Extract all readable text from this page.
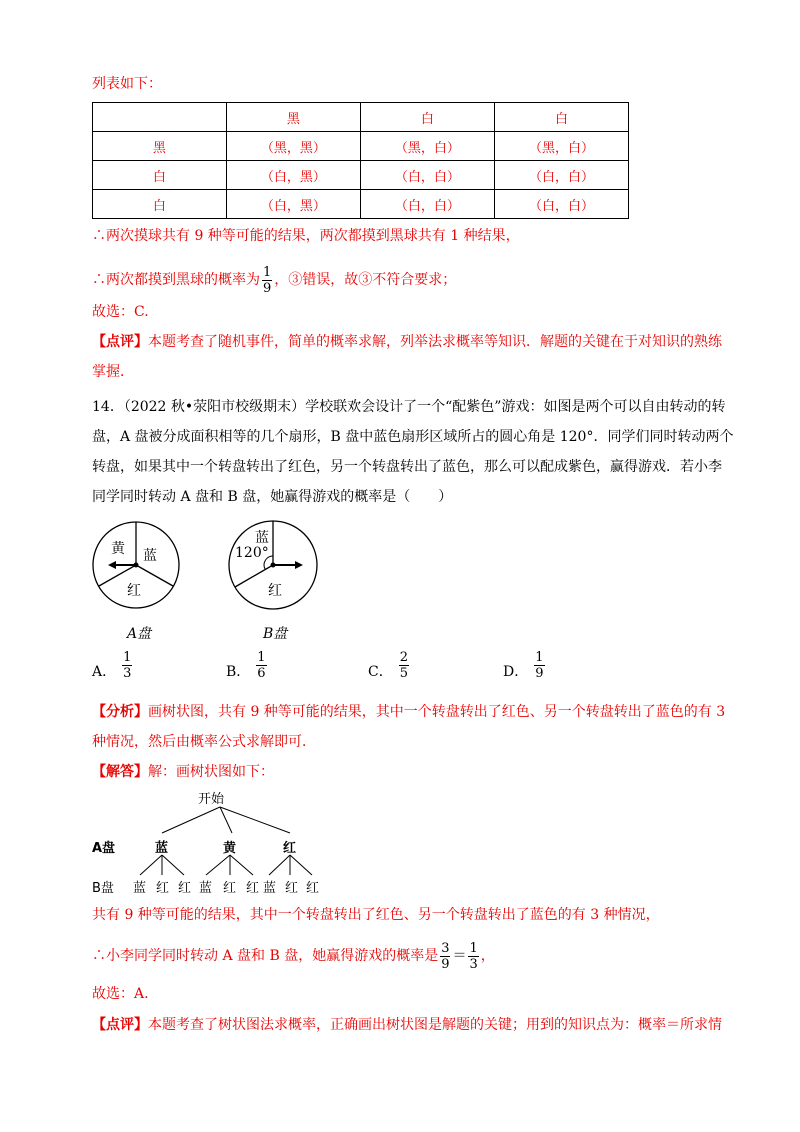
列表如下：
	黑	白	白
黑	（黑，黑）	（黑，白）	（黑，白）
白	（白，黑）	（白，白）	（白，白）
白	（白，黑）	（白，白）	（白，白）
∴两次摸球共有 9 种等可能的结果，两次都摸到黑球共有 1 种结果，
∴两次都摸到黑球的概率为 $\frac{1}{9}$ ，③错误，故③不符合要求；
故选：C.
【点评】本题考查了随机事件，简单的概率求解，列举法求概率等知识．解题的关键在于对知识的熟练
掌握．
14．（2022 秋•荥阳市校级期末）学校联欢会设计了一个“配紫色”游戏：如图是两个可以自由转动的转
盘，A 盘被分成面积相等的几个扇形，B 盘中蓝色扇形区域所占的圆心角是 120°．同学们同时转动两个
转盘，如果其中一个转盘转出了红色，另一个转盘转出了蓝色，那么可以配成紫色，赢得游戏．若小李
同学同时转动 A 盘和 B 盘，她赢得游戏的概率是（　　）
黄 蓝
红
A盘
蓝
120°
红
B盘
A． $\frac{1}{3}$	B． $\frac{1}{6}$	C． $\frac{2}{5}$	D． $\frac{1}{9}$
【分析】画树状图，共有 9 种等可能的结果，其中一个转盘转出了红色、另一个转盘转出了蓝色的有 3
种情况，然后由概率公式求解即可．
【解答】解：画树状图如下：
开始
A盘	蓝	黄	红
B盘 蓝 红 红 蓝 红 红 蓝 红 红
共有 9 种等可能的结果，其中一个转盘转出了红色、另一个转盘转出了蓝色的有 3 种情况，
∴小李同学同时转动 A 盘和 B 盘，她赢得游戏的概率是 $\frac{3}{9} = \frac{1}{3}$ ，
故选：A.
【点评】本题考查了树状图法求概率，正确画出树状图是解题的关键；用到的知识点为：概率＝所求情
